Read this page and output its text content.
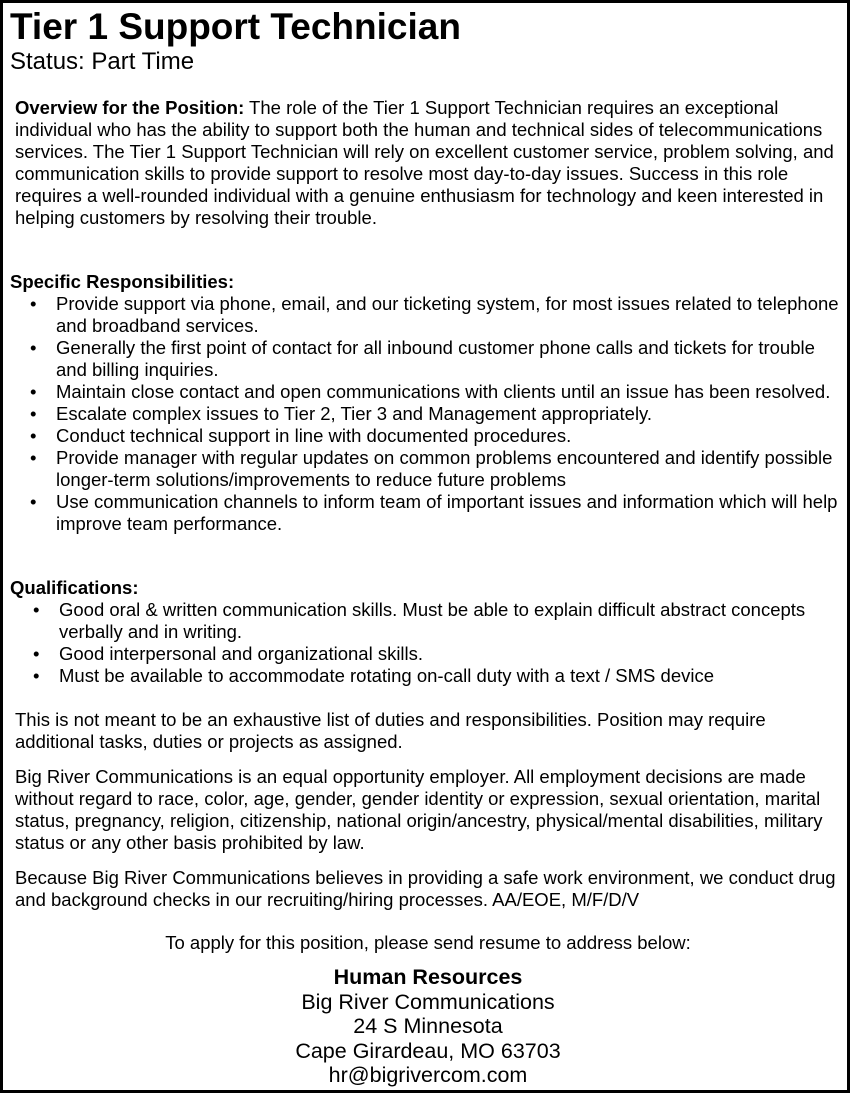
Tier 1 Support Technician
Status: Part Time
Overview for the Position: The role of the Tier 1 Support Technician requires an exceptional individual who has the ability to support both the human and technical sides of telecommunications services. The Tier 1 Support Technician will rely on excellent customer service, problem solving, and communication skills to provide support to resolve most day-to-day issues. Success in this role requires a well-rounded individual with a genuine enthusiasm for technology and keen interested in helping customers by resolving their trouble.
Specific Responsibilities:
• Provide support via phone, email, and our ticketing system, for most issues related to telephone and broadband services.
• Generally the first point of contact for all inbound customer phone calls and tickets for trouble and billing inquiries.
• Maintain close contact and open communications with clients until an issue has been resolved.
• Escalate complex issues to Tier 2, Tier 3 and Management appropriately.
• Conduct technical support in line with documented procedures.
• Provide manager with regular updates on common problems encountered and identify possible longer-term solutions/improvements to reduce future problems
• Use communication channels to inform team of important issues and information which will help improve team performance.
Qualifications:
• Good oral & written communication skills. Must be able to explain difficult abstract concepts verbally and in writing.
• Good interpersonal and organizational skills.
• Must be available to accommodate rotating on-call duty with a text / SMS device
This is not meant to be an exhaustive list of duties and responsibilities. Position may require additional tasks, duties or projects as assigned.
Big River Communications is an equal opportunity employer. All employment decisions are made without regard to race, color, age, gender, gender identity or expression, sexual orientation, marital status, pregnancy, religion, citizenship, national origin/ancestry, physical/mental disabilities, military status or any other basis prohibited by law.
Because Big River Communications believes in providing a safe work environment, we conduct drug and background checks in our recruiting/hiring processes. AA/EOE, M/F/D/V
To apply for this position, please send resume to address below:
Human Resources
Big River Communications
24 S Minnesota
Cape Girardeau, MO 63703
hr@bigrivercom.com
